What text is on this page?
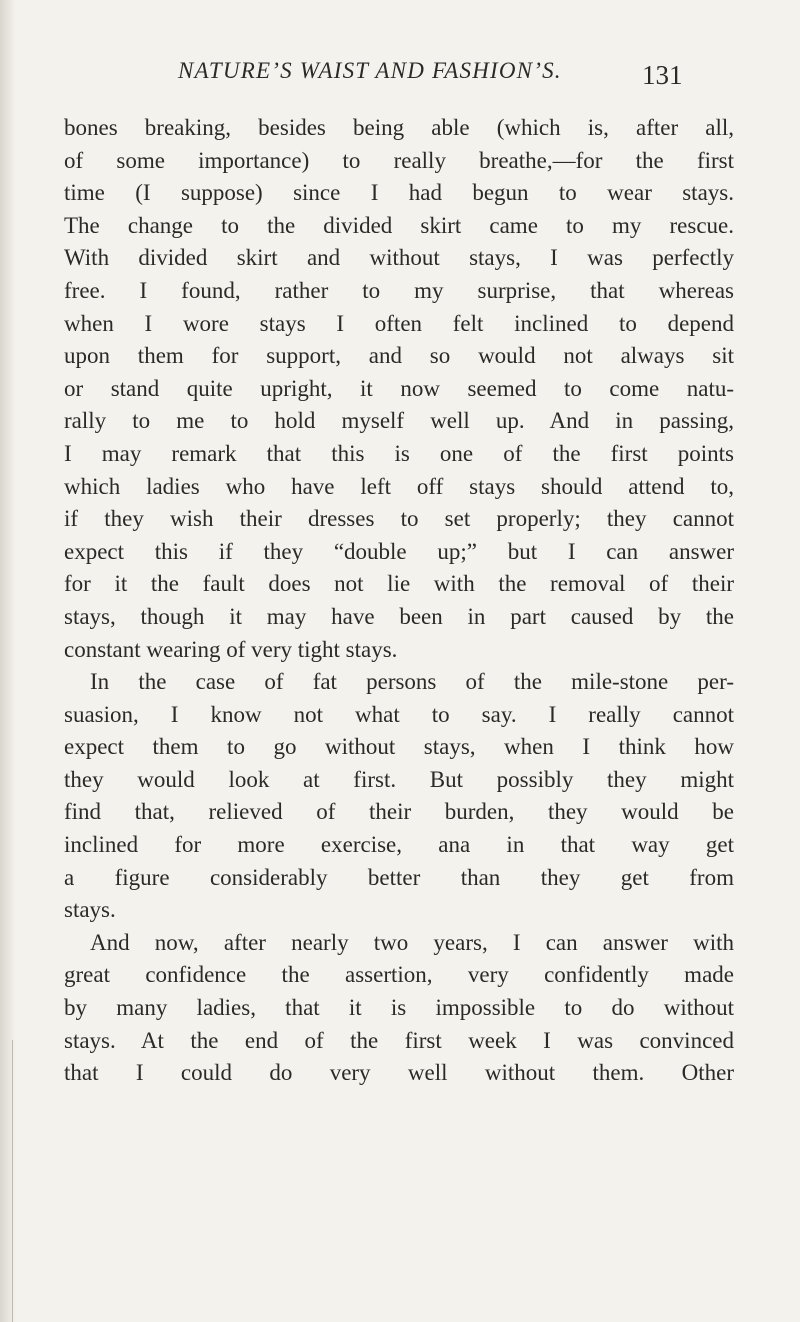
NATURE’S WAIST AND FASHION’S.	131
bones breaking, besides being able (which is, after all,
of some importance) to really breathe,—for the first
time (I suppose) since I had begun to wear stays.
The change to the divided skirt came to my rescue.
With divided skirt and without stays, I was perfectly
free. I found, rather to my surprise, that whereas
when I wore stays I often felt inclined to depend
upon them for support, and so would not always sit
or stand quite upright, it now seemed to come natu-
rally to me to hold myself well up. And in passing,
I may remark that this is one of the first points
which ladies who have left off stays should attend to,
if they wish their dresses to set properly; they cannot
expect this if they “double up;” but I can answer
for it the fault does not lie with the removal of their
stays, though it may have been in part caused by the
constant wearing of very tight stays.
In the case of fat persons of the mile-stone per-
suasion, I know not what to say. I really cannot
expect them to go without stays, when I think how
they would look at first. But possibly they might
find that, relieved of their burden, they would be
inclined for more exercise, ana in that way get
a figure considerably better than they get from
stays.
And now, after nearly two years, I can answer with
great confidence the assertion, very confidently made
by many ladies, that it is impossible to do without
stays. At the end of the first week I was convinced
that I could do very well without them. Other
